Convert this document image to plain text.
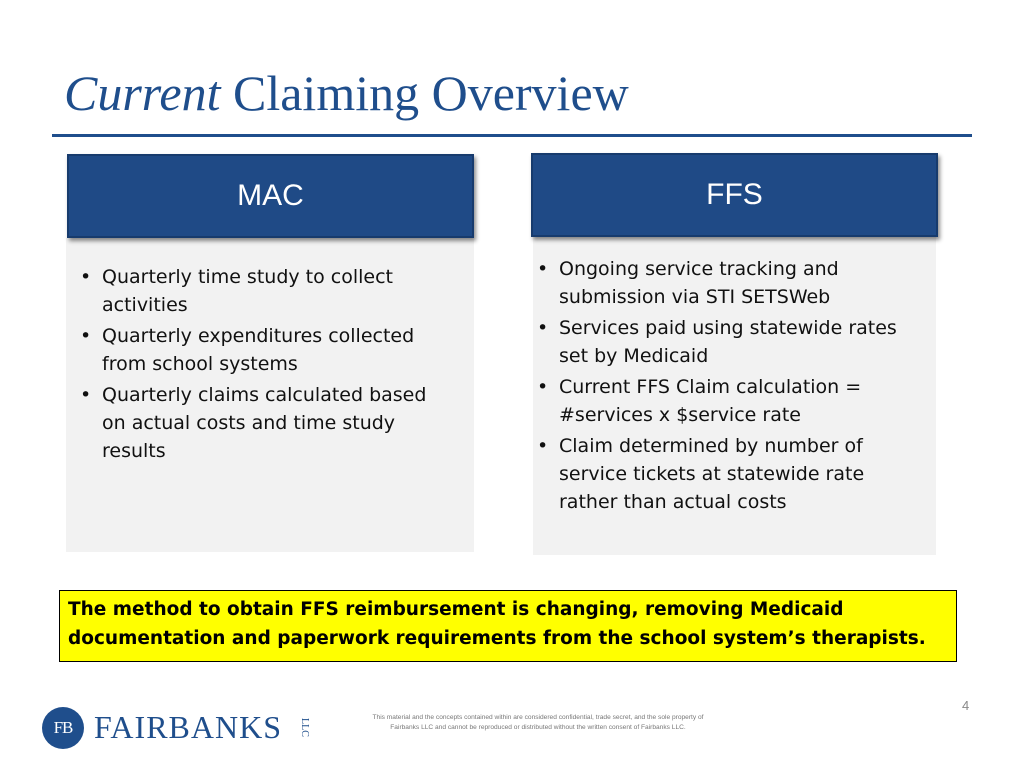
Current Claiming Overview
MAC
• Quarterly time study to collect activities
• Quarterly expenditures collected from school systems
• Quarterly claims calculated based on actual costs and time study results
FFS
• Ongoing service tracking and submission via STI SETSWeb
• Services paid using statewide rates set by Medicaid
• Current FFS Claim calculation = #services x $service rate
• Claim determined by number of service tickets at statewide rate rather than actual costs
The method to obtain FFS reimbursement is changing, removing Medicaid documentation and paperwork requirements from the school system’s therapists.
4
FB FAIRBANKS LLC
This material and the concepts contained within are considered confidential, trade secret, and the sole property of Fairbanks LLC and cannot be reproduced or distributed without the written consent of Fairbanks LLC.
